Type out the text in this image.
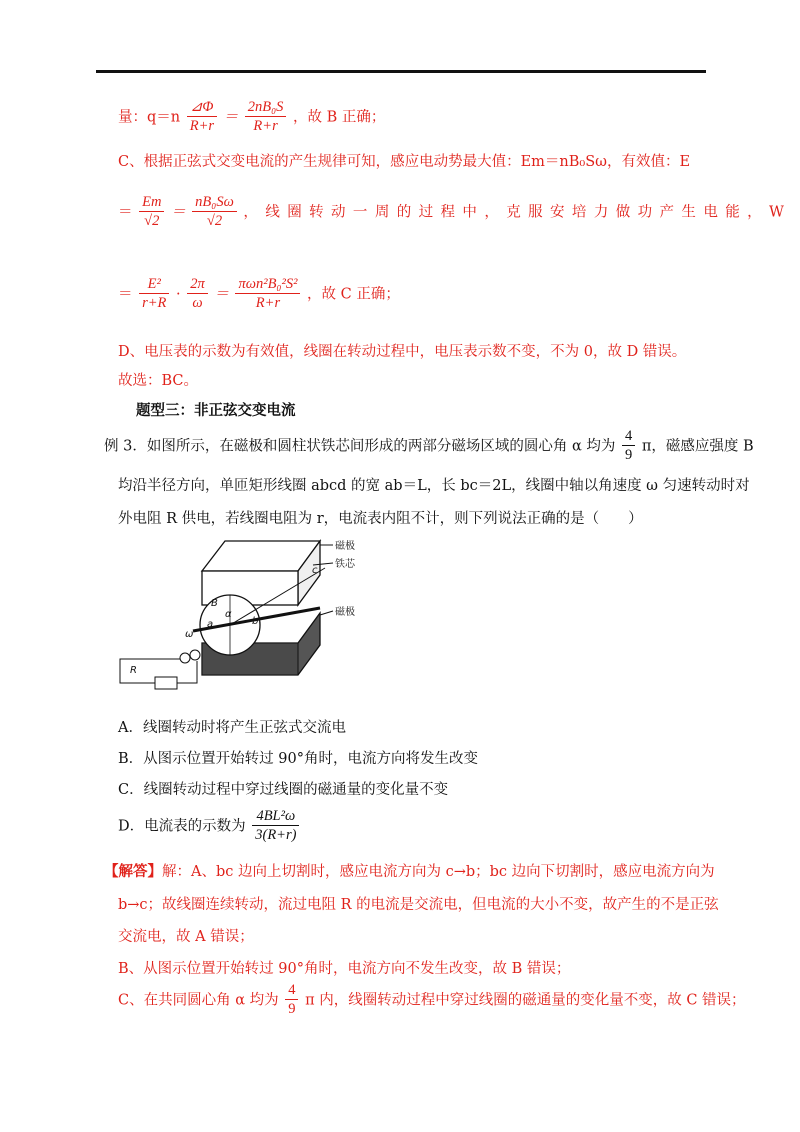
量：$q=n \frac{⊿\Phi}{R+r} = \frac{\text{2nB₀S}}{R+r}$ ，故 B 正确；
C、根据正弦式交变电流的产生规律可知，感应电动势最大值：Em＝nB₀Sω，有效值：E
＝ $\frac{Em}{√2} = \frac{\text{nB₀Sω}}{√2}$ ，线圈转动一周的过程中，克服安培力做功产生电能，W
＝ $\frac{\text{E²}}{r+R} \cdot \frac{2\pi}{\omega} = \frac{\text{πωn²B₀²S²}}{R+r}$ ，故 C 正确；
D、电压表的示数为有效值，线圈在转动过程中，电压表示数不变，不为 0，故 D 错误。
故选：BC。
题型三：非正弦交变电流
例 3．如图所示，在磁极和圆柱状铁芯间形成的两部分磁场区域的圆心角 α 均为 $\frac{4}{9}$ π，磁感应强度 B
均沿半径方向，单匝矩形线圈 abcd 的宽 ab＝L，长 bc＝2L，线圈中轴以角速度 ω 匀速转动时对
外电阻 R 供电，若线圈电阻为 r，电流表内阻不计，则下列说法正确的是（　　）
B
a	b
c
ω
α
R
磁极
铁芯
磁极
A．线圈转动时将产生正弦式交流电
B．从图示位置开始转过 90°角时，电流方向将发生改变
C．线圈转动过程中穿过线圈的磁通量的变化量不变
D．电流表的示数为 $\frac{\text{4BL²ω}}{3(R+r)}$
【解答】解：A、bc 边向上切割时，感应电流方向为 c→b；bc 边向下切割时，感应电流方向为
b→c；故线圈连续转动，流过电阻 R 的电流是交流电，但电流的大小不变，故产生的不是正弦
交流电，故 A 错误；
B、从图示位置开始转过 90°角时，电流方向不发生改变，故 B 错误；
C、在共同圆心角 α 均为 $\frac{4}{9}$ π 内，线圈转动过程中穿过线圈的磁通量的变化量不变，故 C 错误；
